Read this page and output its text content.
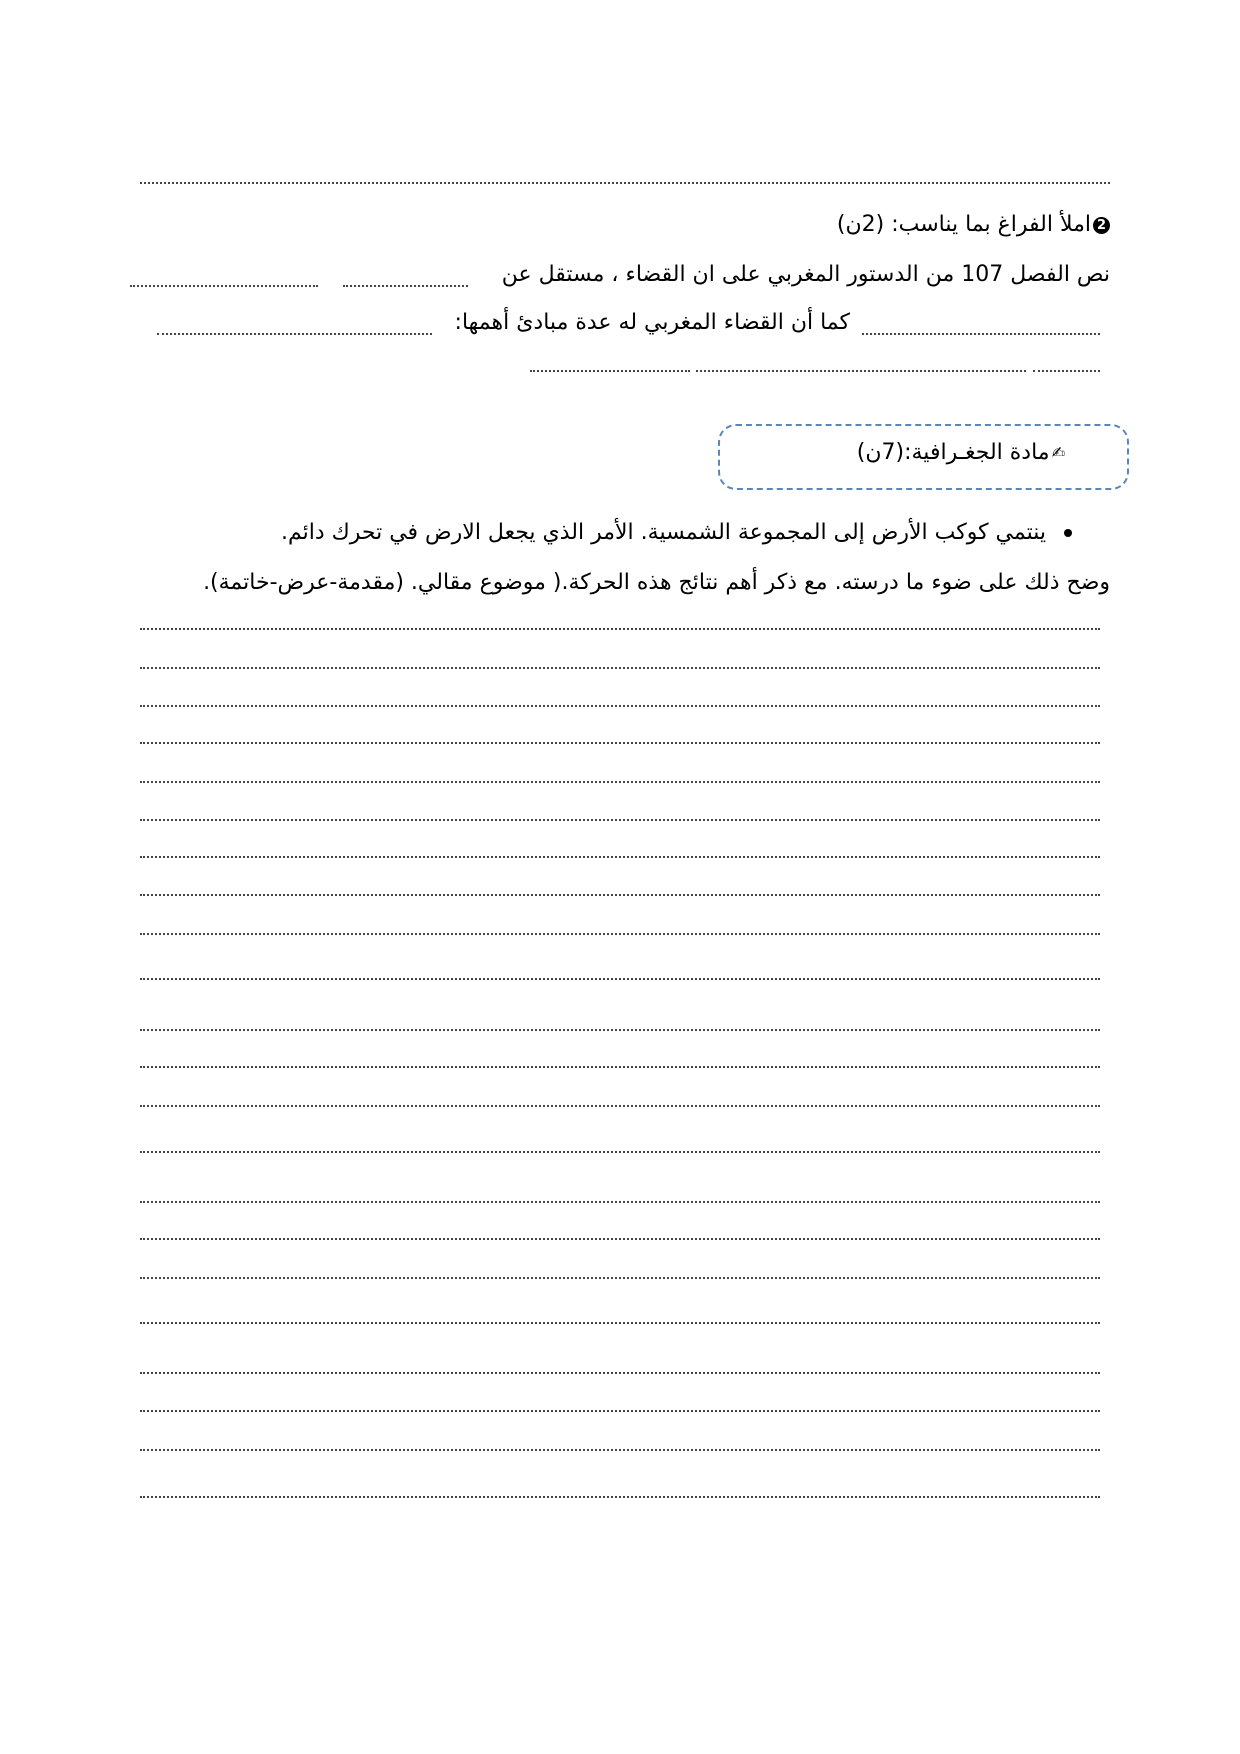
2املأ الفراغ بما يناسب: (2ن)
نص الفصل 107 من الدستور المغربي على ان القضاء ، مستقل عن
كما أن القضاء المغربي له عدة مبادئ أهمها:
✍مادة الجغـرافية:(7ن)
ينتمي كوكب الأرض إلى المجموعة الشمسية. الأمر الذي يجعل الارض في تحرك دائم.
وضح ذلك على ضوء ما درسته. مع ذكر أهم نتائج هذه الحركة.( موضوع مقالي. (مقدمة-عرض-خاتمة).
